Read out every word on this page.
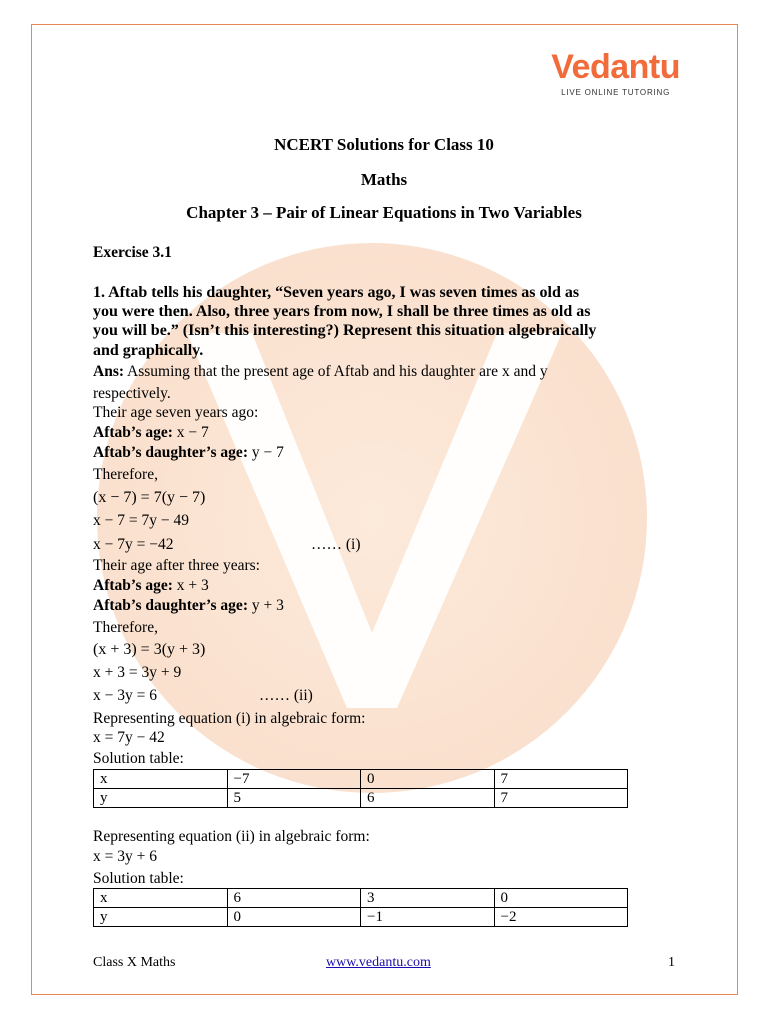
Vedantu
LIVE ONLINE TUTORING
NCERT Solutions for Class 10
Maths
Chapter 3 – Pair of Linear Equations in Two Variables
Exercise 3.1
1. Aftab tells his daughter, “Seven years ago, I was seven times as old as
you were then. Also, three years from now, I shall be three times as old as
you will be.” (Isn’t this interesting?) Represent this situation algebraically
and graphically.
Ans: Assuming that the present age of Aftab and his daughter are x and y
respectively.
Their age seven years ago:
Aftab’s age: x − 7
Aftab’s daughter’s age: y − 7
Therefore,
(x − 7) = 7(y − 7)
x − 7 = 7y − 49
x − 7y = −42	…… (i)
Their age after three years:
Aftab’s age: x + 3
Aftab’s daughter’s age: y + 3
Therefore,
(x + 3) = 3(y + 3)
x + 3 = 3y + 9
x − 3y = 6	…… (ii)
Representing equation (i) in algebraic form:
x = 7y − 42
Solution table:
x	−7	0	7
y	5	6	7
Representing equation (ii) in algebraic form:
x = 3y + 6
Solution table:
x	6	3	0
y	0	−1	−2
Class X Maths	www.vedantu.com	1
